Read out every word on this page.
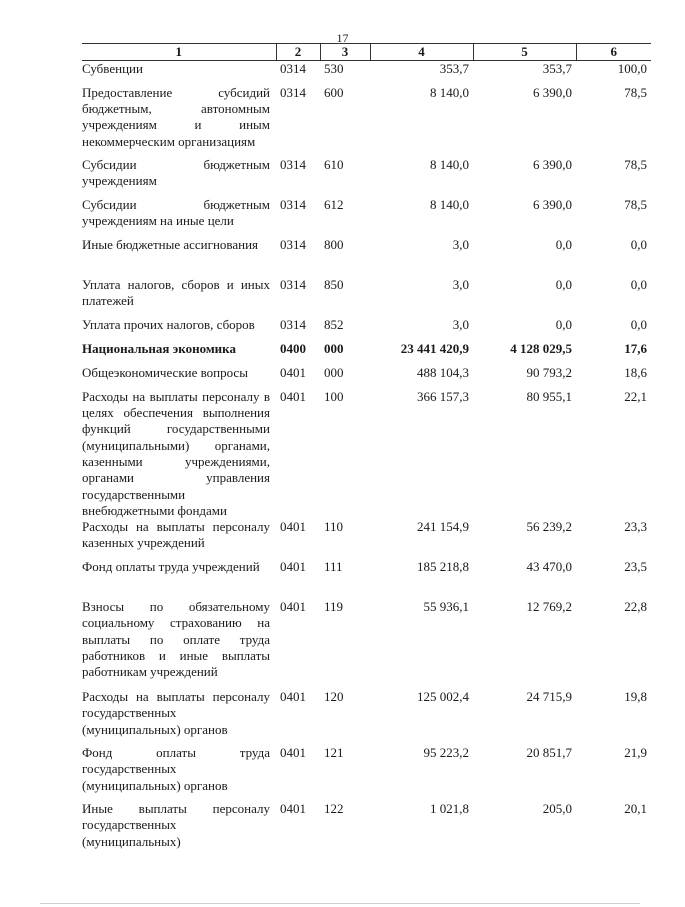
17
1	2	3	4	5	6
Субвенции	0314	530	353,7	353,7	100,0
Предоставление субсидий бюджетным, автономным учреждениям и иным некоммерческим организациям	0314	600	8 140,0	6 390,0	78,5
Субсидии бюджетным учреждениям	0314	610	8 140,0	6 390,0	78,5
Субсидии бюджетным учреждениям на иные цели	0314	612	8 140,0	6 390,0	78,5
Иные бюджетные ассигнования	0314	800	3,0	0,0	0,0
Уплата налогов, сборов и иных платежей	0314	850	3,0	0,0	0,0
Уплата прочих налогов, сборов	0314	852	3,0	0,0	0,0
Национальная экономика	0400	000	23 441 420,9	4 128 029,5	17,6
Общеэкономические вопросы	0401	000	488 104,3	90 793,2	18,6
Расходы на выплаты персоналу в целях обеспечения выполнения функций государственными (муниципальными) органами, казенными учреждениями, органами управления государственными внебюджетными фондами	0401	100	366 157,3	80 955,1	22,1
Расходы на выплаты персоналу казенных учреждений	0401	110	241 154,9	56 239,2	23,3
Фонд оплаты труда учреждений	0401	111	185 218,8	43 470,0	23,5
Взносы по обязательному социальному страхованию на выплаты по оплате труда работников и иные выплаты работникам учреждений	0401	119	55 936,1	12 769,2	22,8
Расходы на выплаты персоналу государственных (муниципальных) органов	0401	120	125 002,4	24 715,9	19,8
Фонд оплаты труда государственных (муниципальных) органов	0401	121	95 223,2	20 851,7	21,9
Иные выплаты персоналу государственных (муниципальных)	0401	122	1 021,8	205,0	20,1
